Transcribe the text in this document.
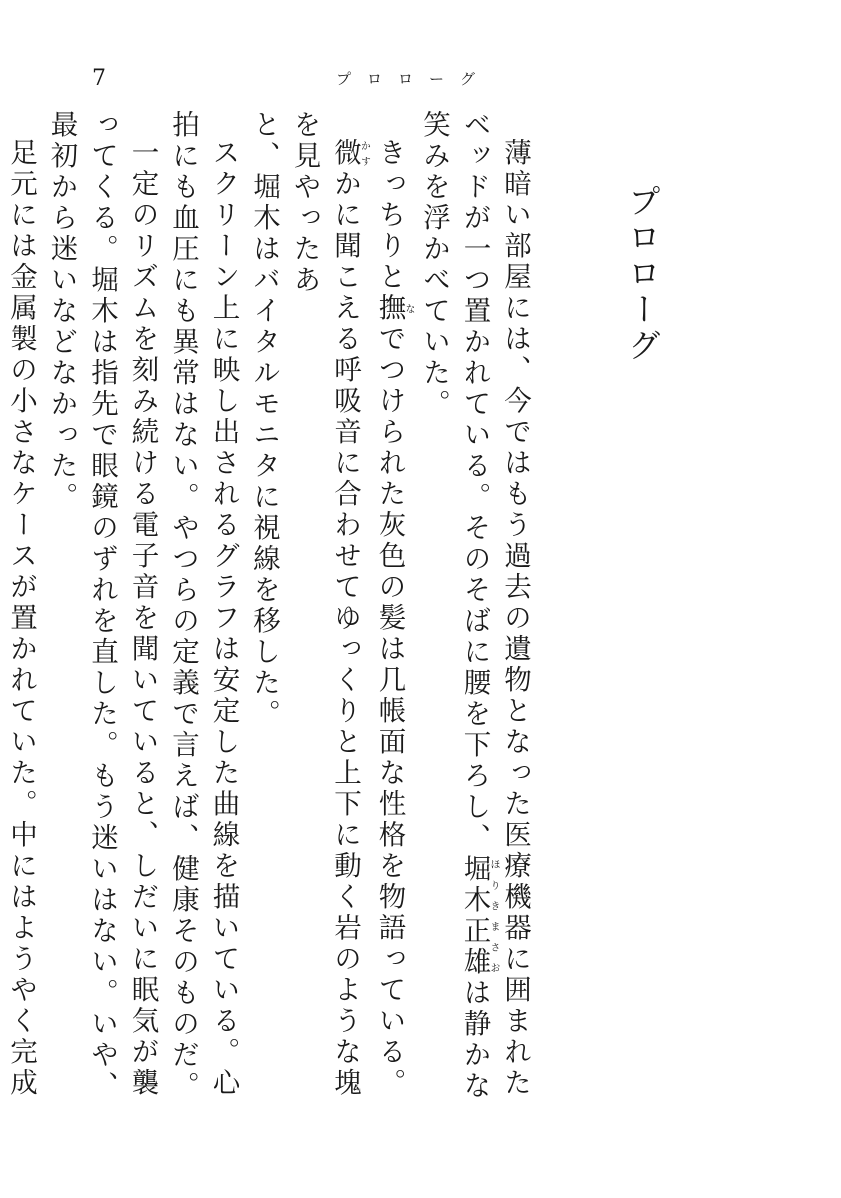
7	プロローグ
プロローグ

薄暗い部屋には、今ではもう過去の遺物となった医療機器に囲まれたベッドが一つ置かれている。そのそばに腰を下ろし、堀木ほりき正雄まさおは静かな笑みを浮かべていた。

きっちりと撫なでつけられた灰色の髪は几帳面な性格を物語っている。

微かすかに聞こえる呼吸音に合わせてゆっくりと上下に動く岩のような塊を見やったあ

と、堀木はバイタルモニタに視線を移した。

スクリーン上に映し出されるグラフは安定した曲線を描いている。心拍にも血圧にも異常はない。やつらの定義で言えば、健康そのものだ。

一定のリズムを刻み続ける電子音を聞いていると、しだいに眠気が襲ってくる。堀木は指先で眼鏡のずれを直した。もう迷いはない。いや、最初から迷いなどなかった。

足元には金属製の小さなケースが置かれていた。中にはようやく完成
